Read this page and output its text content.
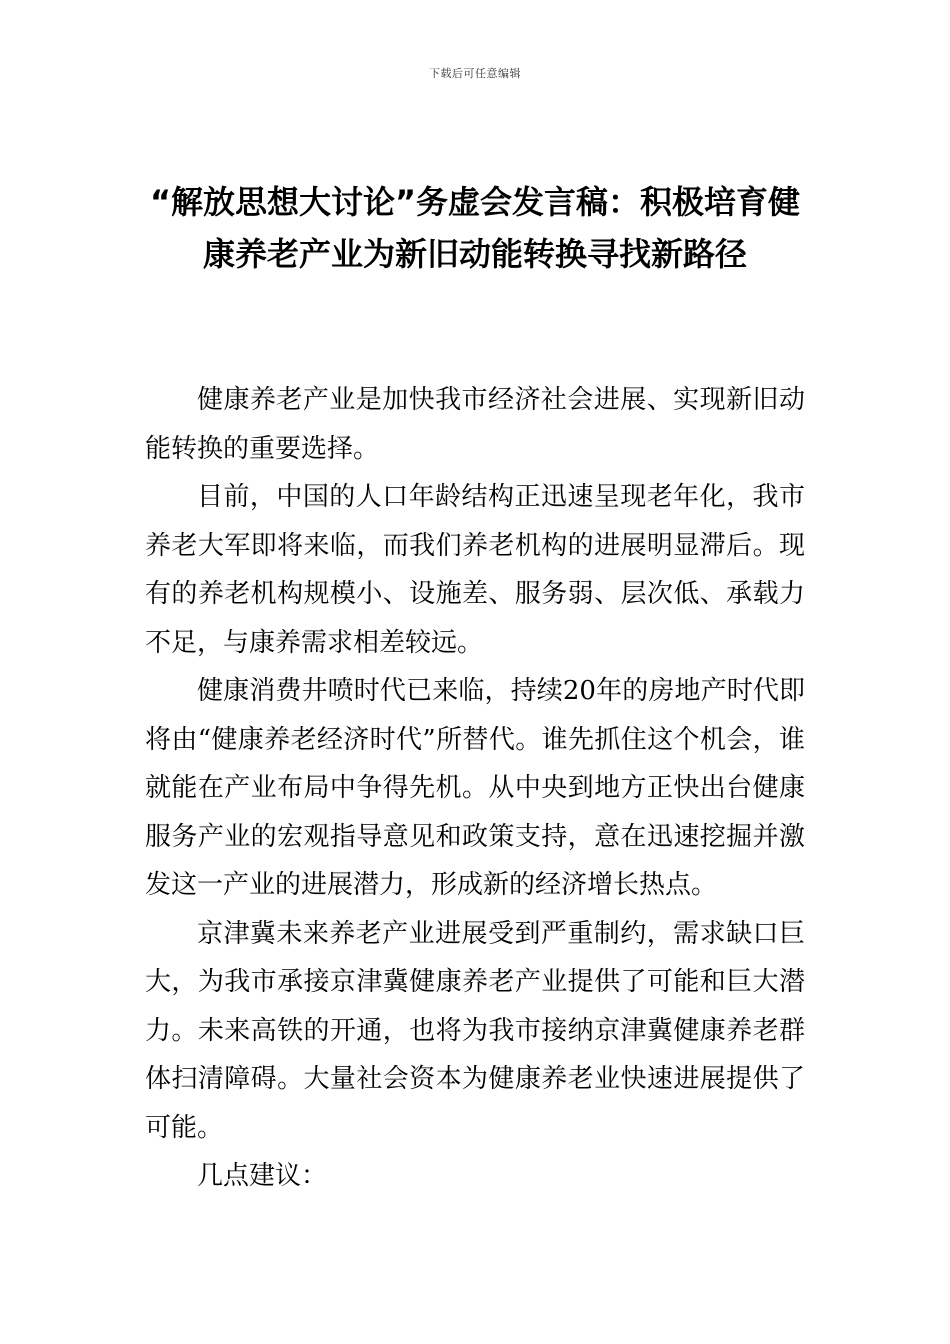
下载后可任意编辑
“解放思想大讨论”务虚会发言稿：积极培育健康养老产业为新旧动能转换寻找新路径

健康养老产业是加快我市经济社会进展、实现新旧动能转换的重要选择。

目前，中国的人口年龄结构正迅速呈现老年化，我市养老大军即将来临，而我们养老机构的进展明显滞后。现有的养老机构规模小、设施差、服务弱、层次低、承载力不足，与康养需求相差较远。

健康消费井喷时代已来临，持续20年的房地产时代即将由“健康养老经济时代”所替代。谁先抓住这个机会，谁就能在产业布局中争得先机。从中央到地方正快出台健康服务产业的宏观指导意见和政策支持，意在迅速挖掘并激发这一产业的进展潜力，形成新的经济增长热点。

京津冀未来养老产业进展受到严重制约，需求缺口巨大，为我市承接京津冀健康养老产业提供了可能和巨大潜力。未来高铁的开通，也将为我市接纳京津冀健康养老群体扫清障碍。大量社会资本为健康养老业快速进展提供了可能。

几点建议：
